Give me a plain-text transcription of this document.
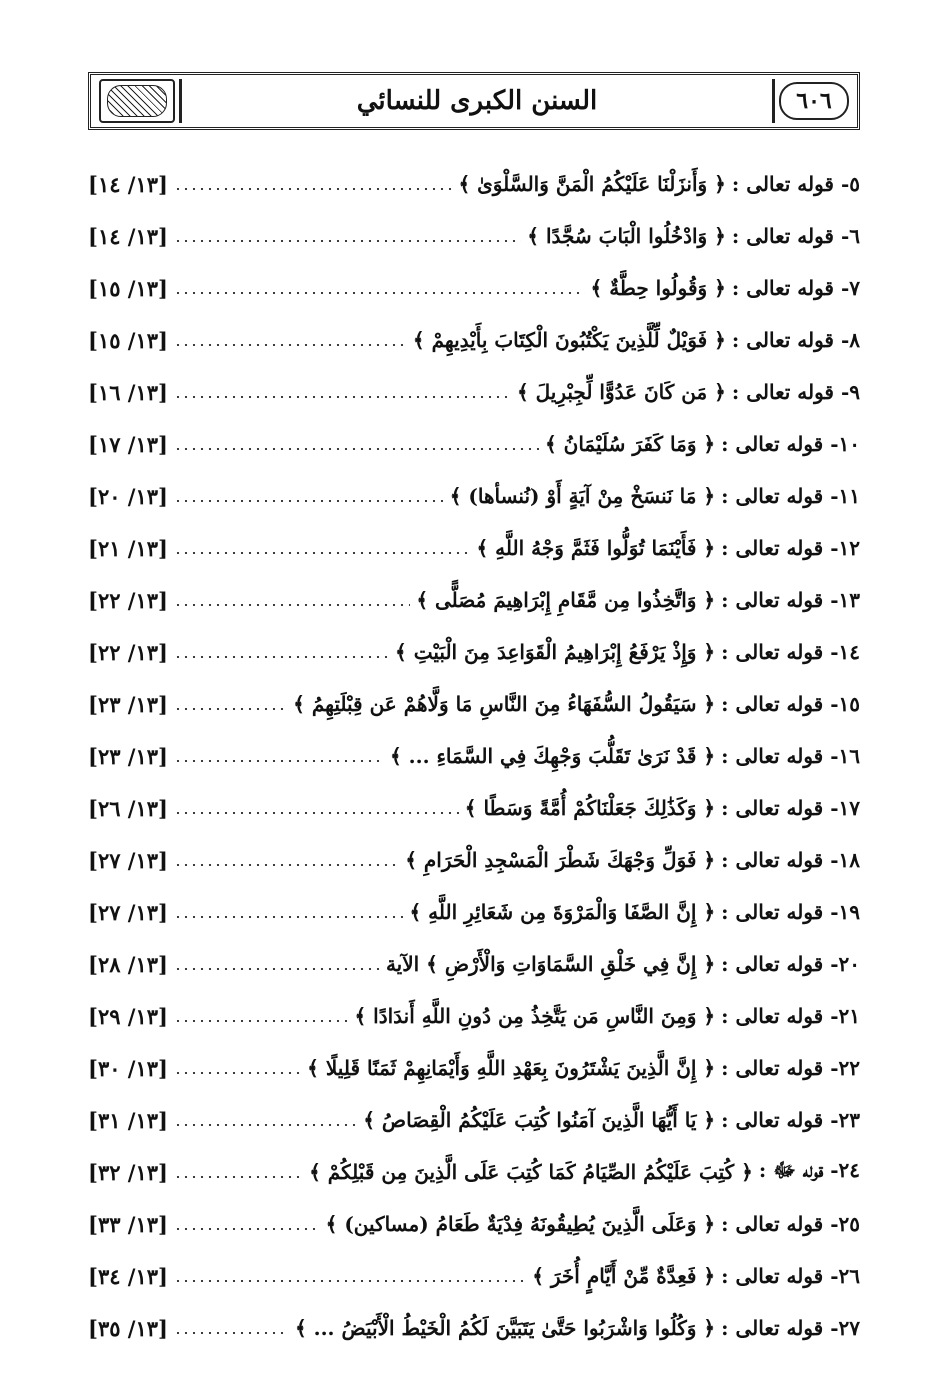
السنن الكبرى للنسائي	٦٠٦
٥- قوله تعالى :
﴿ وَأَنزَلْنَا عَلَيْكُمُ الْمَنَّ وَالسَّلْوَىٰ ﴾
[١٣/ ١٤]
٦- قوله تعالى :
﴿ وَادْخُلُوا الْبَابَ سُجَّدًا ﴾
[١٣/ ١٤]
٧- قوله تعالى :
﴿ وَقُولُوا حِطَّةٌ ﴾
[١٣/ ١٥]
٨- قوله تعالى :
﴿ فَوَيْلٌ لِّلَّذِينَ يَكْتُبُونَ الْكِتَابَ بِأَيْدِيهِمْ ﴾
[١٣/ ١٥]
٩- قوله تعالى :
﴿ مَن كَانَ عَدُوًّا لِّجِبْرِيلَ ﴾
[١٣/ ١٦]
١٠- قوله تعالى :
﴿ وَمَا كَفَرَ سُلَيْمَانُ ﴾
[١٣/ ١٧]
١١- قوله تعالى :
﴿ مَا نَنسَخْ مِنْ آيَةٍ أَوْ (نُنسأها) ﴾
[١٣/ ٢٠]
١٢- قوله تعالى :
﴿ فَأَيْنَمَا تُوَلُّوا فَثَمَّ وَجْهُ اللَّهِ ﴾
[١٣/ ٢١]
١٣- قوله تعالى :
﴿ وَاتَّخِذُوا مِن مَّقَامِ إِبْرَاهِيمَ مُصَلًّى ﴾
[١٣/ ٢٢]
١٤- قوله تعالى :
﴿ وَإِذْ يَرْفَعُ إِبْرَاهِيمُ الْقَوَاعِدَ مِنَ الْبَيْتِ ﴾
[١٣/ ٢٢]
١٥- قوله تعالى :
﴿ سَيَقُولُ السُّفَهَاءُ مِنَ النَّاسِ مَا وَلَّاهُمْ عَن قِبْلَتِهِمُ ﴾
[١٣/ ٢٣]
١٦- قوله تعالى :
﴿ قَدْ نَرَىٰ تَقَلُّبَ وَجْهِكَ فِي السَّمَاءِ ... ﴾
[١٣/ ٢٣]
١٧- قوله تعالى :
﴿ وَكَذَٰلِكَ جَعَلْنَاكُمْ أُمَّةً وَسَطًا ﴾
[١٣/ ٢٦]
١٨- قوله تعالى :
﴿ فَوَلِّ وَجْهَكَ شَطْرَ الْمَسْجِدِ الْحَرَامِ ﴾
[١٣/ ٢٧]
١٩- قوله تعالى :
﴿ إِنَّ الصَّفَا وَالْمَرْوَةَ مِن شَعَائِرِ اللَّهِ ﴾
[١٣/ ٢٧]
٢٠- قوله تعالى :
﴿ إِنَّ فِي خَلْقِ السَّمَاوَاتِ وَالْأَرْضِ ﴾ الآية
[١٣/ ٢٨]
٢١- قوله تعالى :
﴿ وَمِنَ النَّاسِ مَن يَتَّخِذُ مِن دُونِ اللَّهِ أَندَادًا ﴾
[١٣/ ٢٩]
٢٢- قوله تعالى :
﴿ إِنَّ الَّذِينَ يَشْتَرُونَ بِعَهْدِ اللَّهِ وَأَيْمَانِهِمْ ثَمَنًا قَلِيلًا ﴾
[١٣/ ٣٠]
٢٣- قوله تعالى :
﴿ يَا أَيُّهَا الَّذِينَ آمَنُوا كُتِبَ عَلَيْكُمُ الْقِصَاصُ ﴾
[١٣/ ٣١]
٢٤- قوله ﷻ :
﴿ كُتِبَ عَلَيْكُمُ الصِّيَامُ كَمَا كُتِبَ عَلَى الَّذِينَ مِن قَبْلِكُمْ ﴾
[١٣/ ٣٢]
٢٥- قوله تعالى :
﴿ وَعَلَى الَّذِينَ يُطِيقُونَهُ فِدْيَةٌ طَعَامُ (مساكين) ﴾
[١٣/ ٣٣]
٢٦- قوله تعالى :
﴿ فَعِدَّةٌ مِّنْ أَيَّامٍ أُخَرَ ﴾
[١٣/ ٣٤]
٢٧- قوله تعالى :
﴿ وَكُلُوا وَاشْرَبُوا حَتَّىٰ يَتَبَيَّنَ لَكُمُ الْخَيْطُ الْأَبْيَضُ ... ﴾
[١٣/ ٣٥]
